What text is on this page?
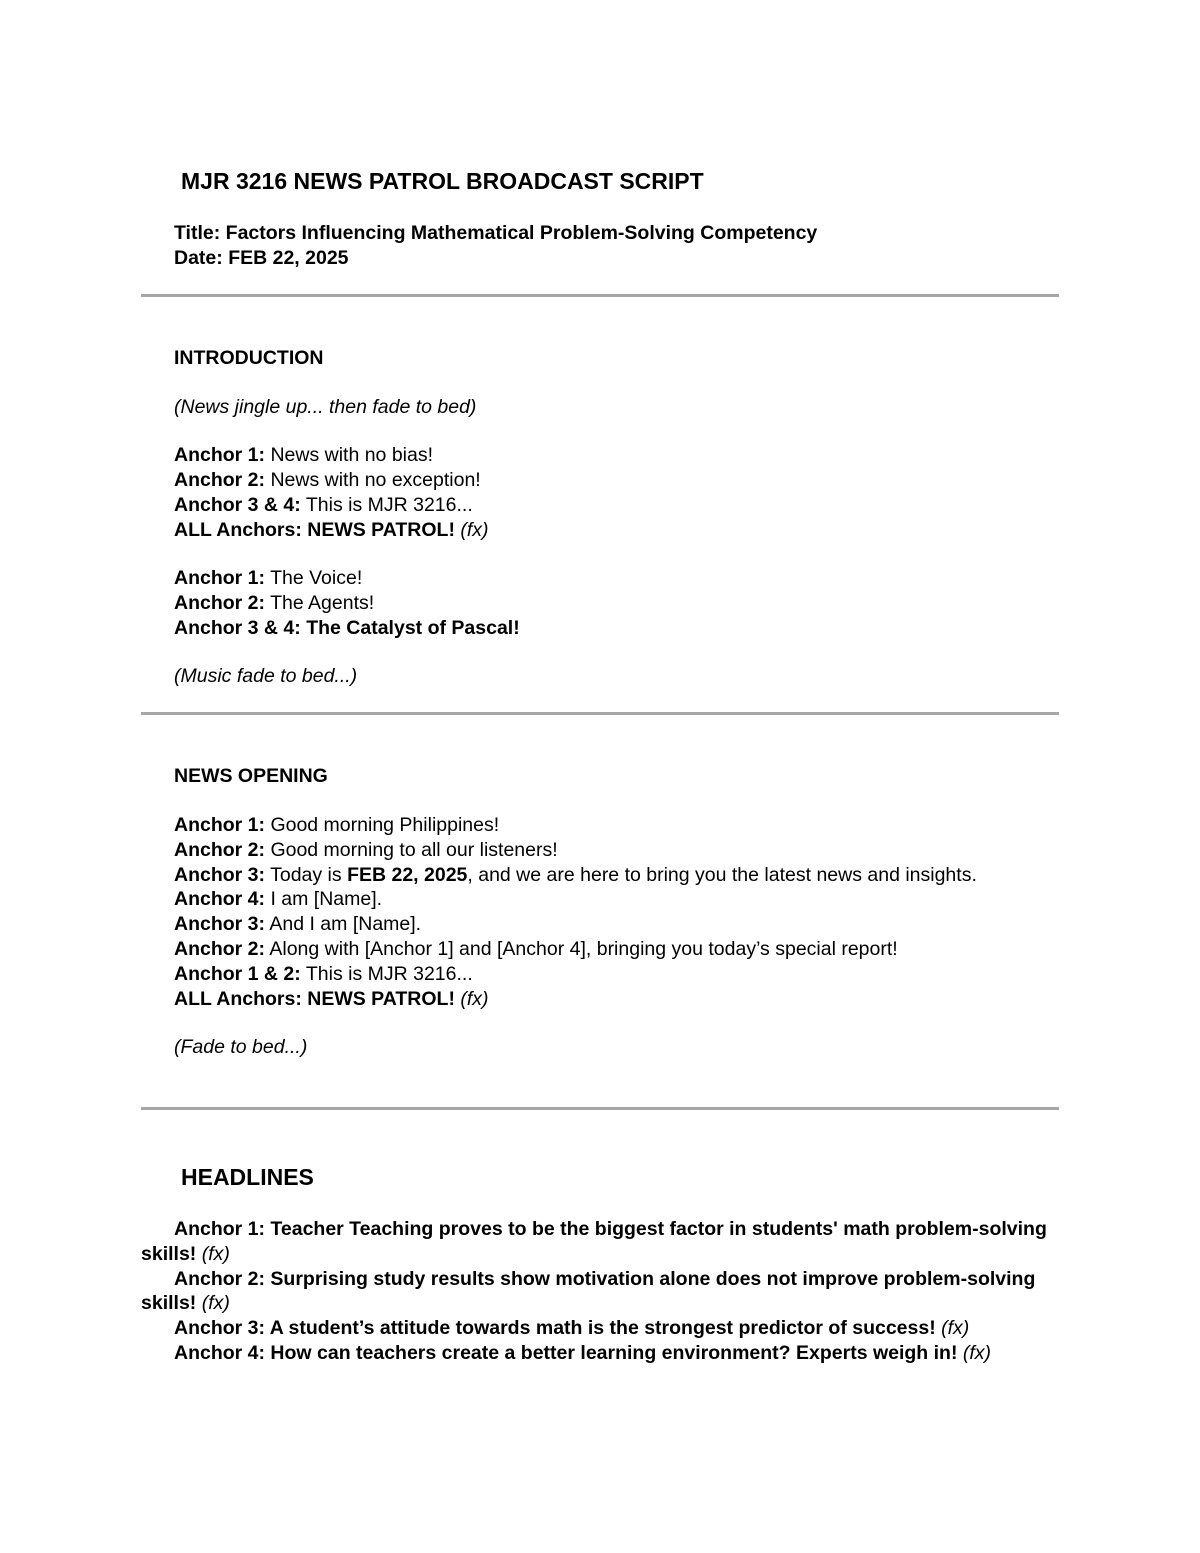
MJR 3216 NEWS PATROL BROADCAST SCRIPT
Title: Factors Influencing Mathematical Problem-Solving Competency
Date: FEB 22, 2025
INTRODUCTION
(News jingle up... then fade to bed)
Anchor 1: News with no bias!
Anchor 2: News with no exception!
Anchor 3 & 4: This is MJR 3216...
ALL Anchors: NEWS PATROL! (fx)
Anchor 1: The Voice!
Anchor 2: The Agents!
Anchor 3 & 4: The Catalyst of Pascal!
(Music fade to bed...)
NEWS OPENING
Anchor 1: Good morning Philippines!
Anchor 2: Good morning to all our listeners!
Anchor 3: Today is FEB 22, 2025, and we are here to bring you the latest news and insights.
Anchor 4: I am [Name].
Anchor 3: And I am [Name].
Anchor 2: Along with [Anchor 1] and [Anchor 4], bringing you today’s special report!
Anchor 1 & 2: This is MJR 3216...
ALL Anchors: NEWS PATROL! (fx)
(Fade to bed...)
HEADLINES
Anchor 1: Teacher Teaching proves to be the biggest factor in students' math problem-solving skills! (fx)
Anchor 2: Surprising study results show motivation alone does not improve problem-solving skills! (fx)
Anchor 3: A student’s attitude towards math is the strongest predictor of success! (fx)
Anchor 4: How can teachers create a better learning environment? Experts weigh in! (fx)
